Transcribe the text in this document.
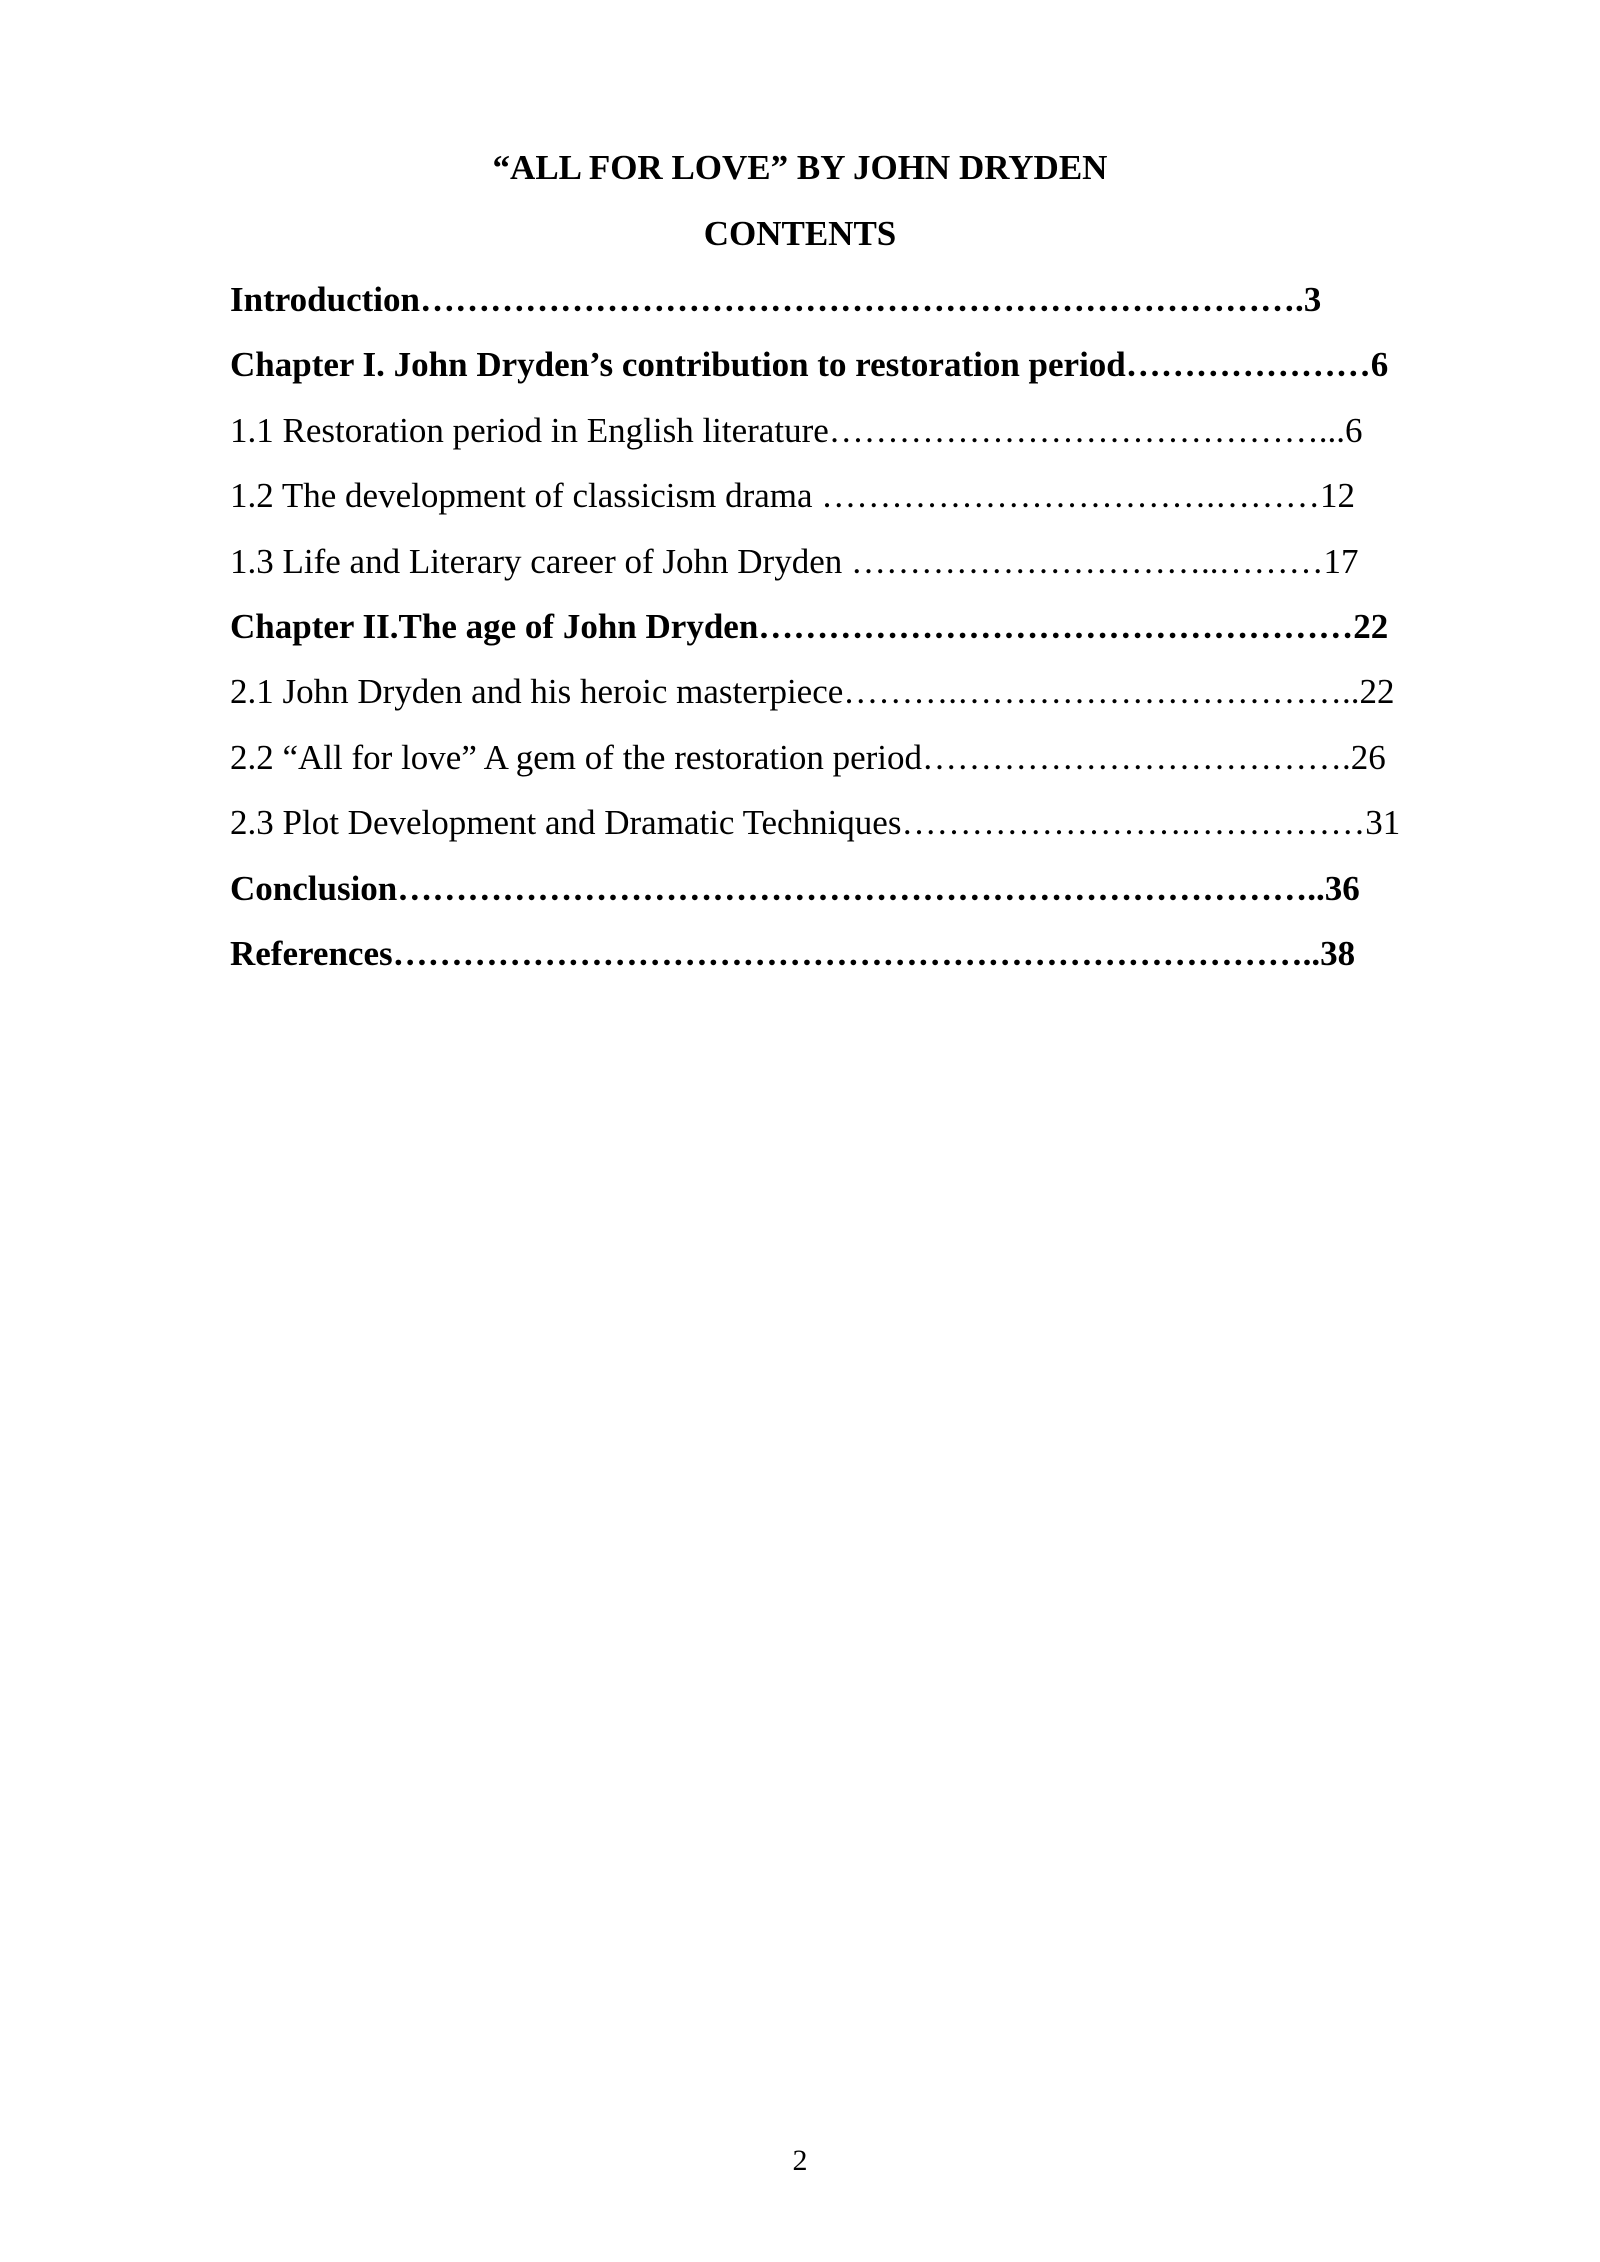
“ALL FOR LOVE” BY JOHN DRYDEN
CONTENTS
Introduction………………………………………………………………….3
Chapter I. John Dryden’s contribution to restoration period…………………6
1.1 Restoration period in English literature……………………………………...6
1.2 The development of classicism drama …………………………….………12
1.3 Life and Literary career of John Dryden …………………………..………17
Chapter II.The age of John Dryden……………………………………………22
2.1 John Dryden and his heroic masterpiece……….……………………………..22
2.2 “All for love” A gem of the restoration period……………………………….26
2.3 Plot Development and Dramatic Techniques…………………….……………31
Conclusion……………………………………………………………………..36
References……………………………………………………………………..38
2
